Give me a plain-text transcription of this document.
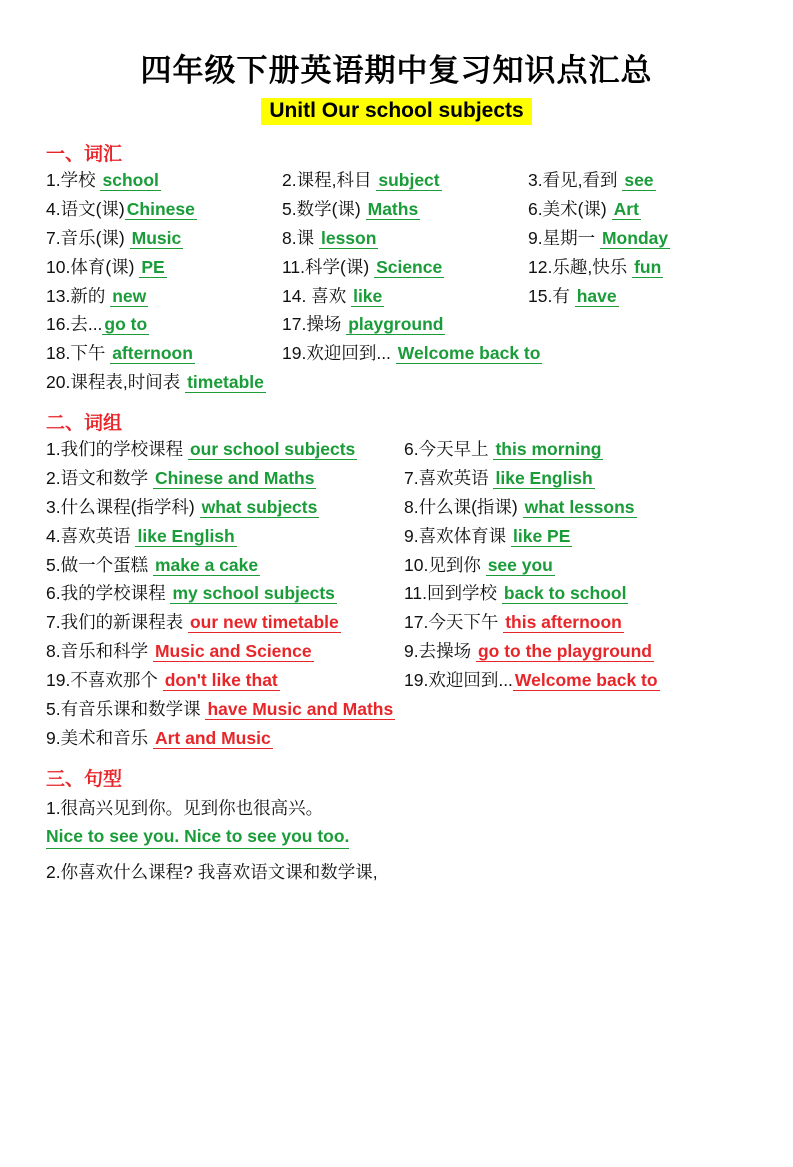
四年级下册英语期中复习知识点汇总
Unitl Our school subjects
一、词汇
1.学校 school	2.课程,科目 subject	3.看见,看到 see
4.语文(课) Chinese	5.数学(课) Maths	6.美术(课) Art
7.音乐(课) Music	8.课 lesson	9.星期一 Monday
10.体育(课) PE	11.科学(课) Science	12.乐趣,快乐 fun
13.新的 new	14. 喜欢 like	15.有 have
16.去... go to	17.操场 playground
18.下午 afternoon	19.欢迎回到... Welcome back to
20.课程表,时间表 timetable
二、词组
1.我们的学校课程 our school subjects	6.今天早上 this morning
2.语文和数学 Chinese and Maths	7.喜欢英语 like English
3.什么课程(指学科) what subjects	8.什么课(指课) what lessons
4.喜欢英语 like English	9.喜欢体育课 like PE
5.做一个蛋糕 make a cake	10.见到你 see you
6.我的学校课程 my school subjects	11.回到学校 back to school
7.我们的新课程表 our new timetable	17.今天下午 this afternoon
8.音乐和科学 Music and Science	9.去操场 go to the playground
19.不喜欢那个 don't like that	19.欢迎回到... Welcome back to
5.有音乐课和数学课 have Music and Maths
9.美术和音乐 Art and Music
三、句型
1.很高兴见到你。见到你也很高兴。
Nice to see you. Nice to see you too.
2.你喜欢什么课程? 我喜欢语文课和数学课,
